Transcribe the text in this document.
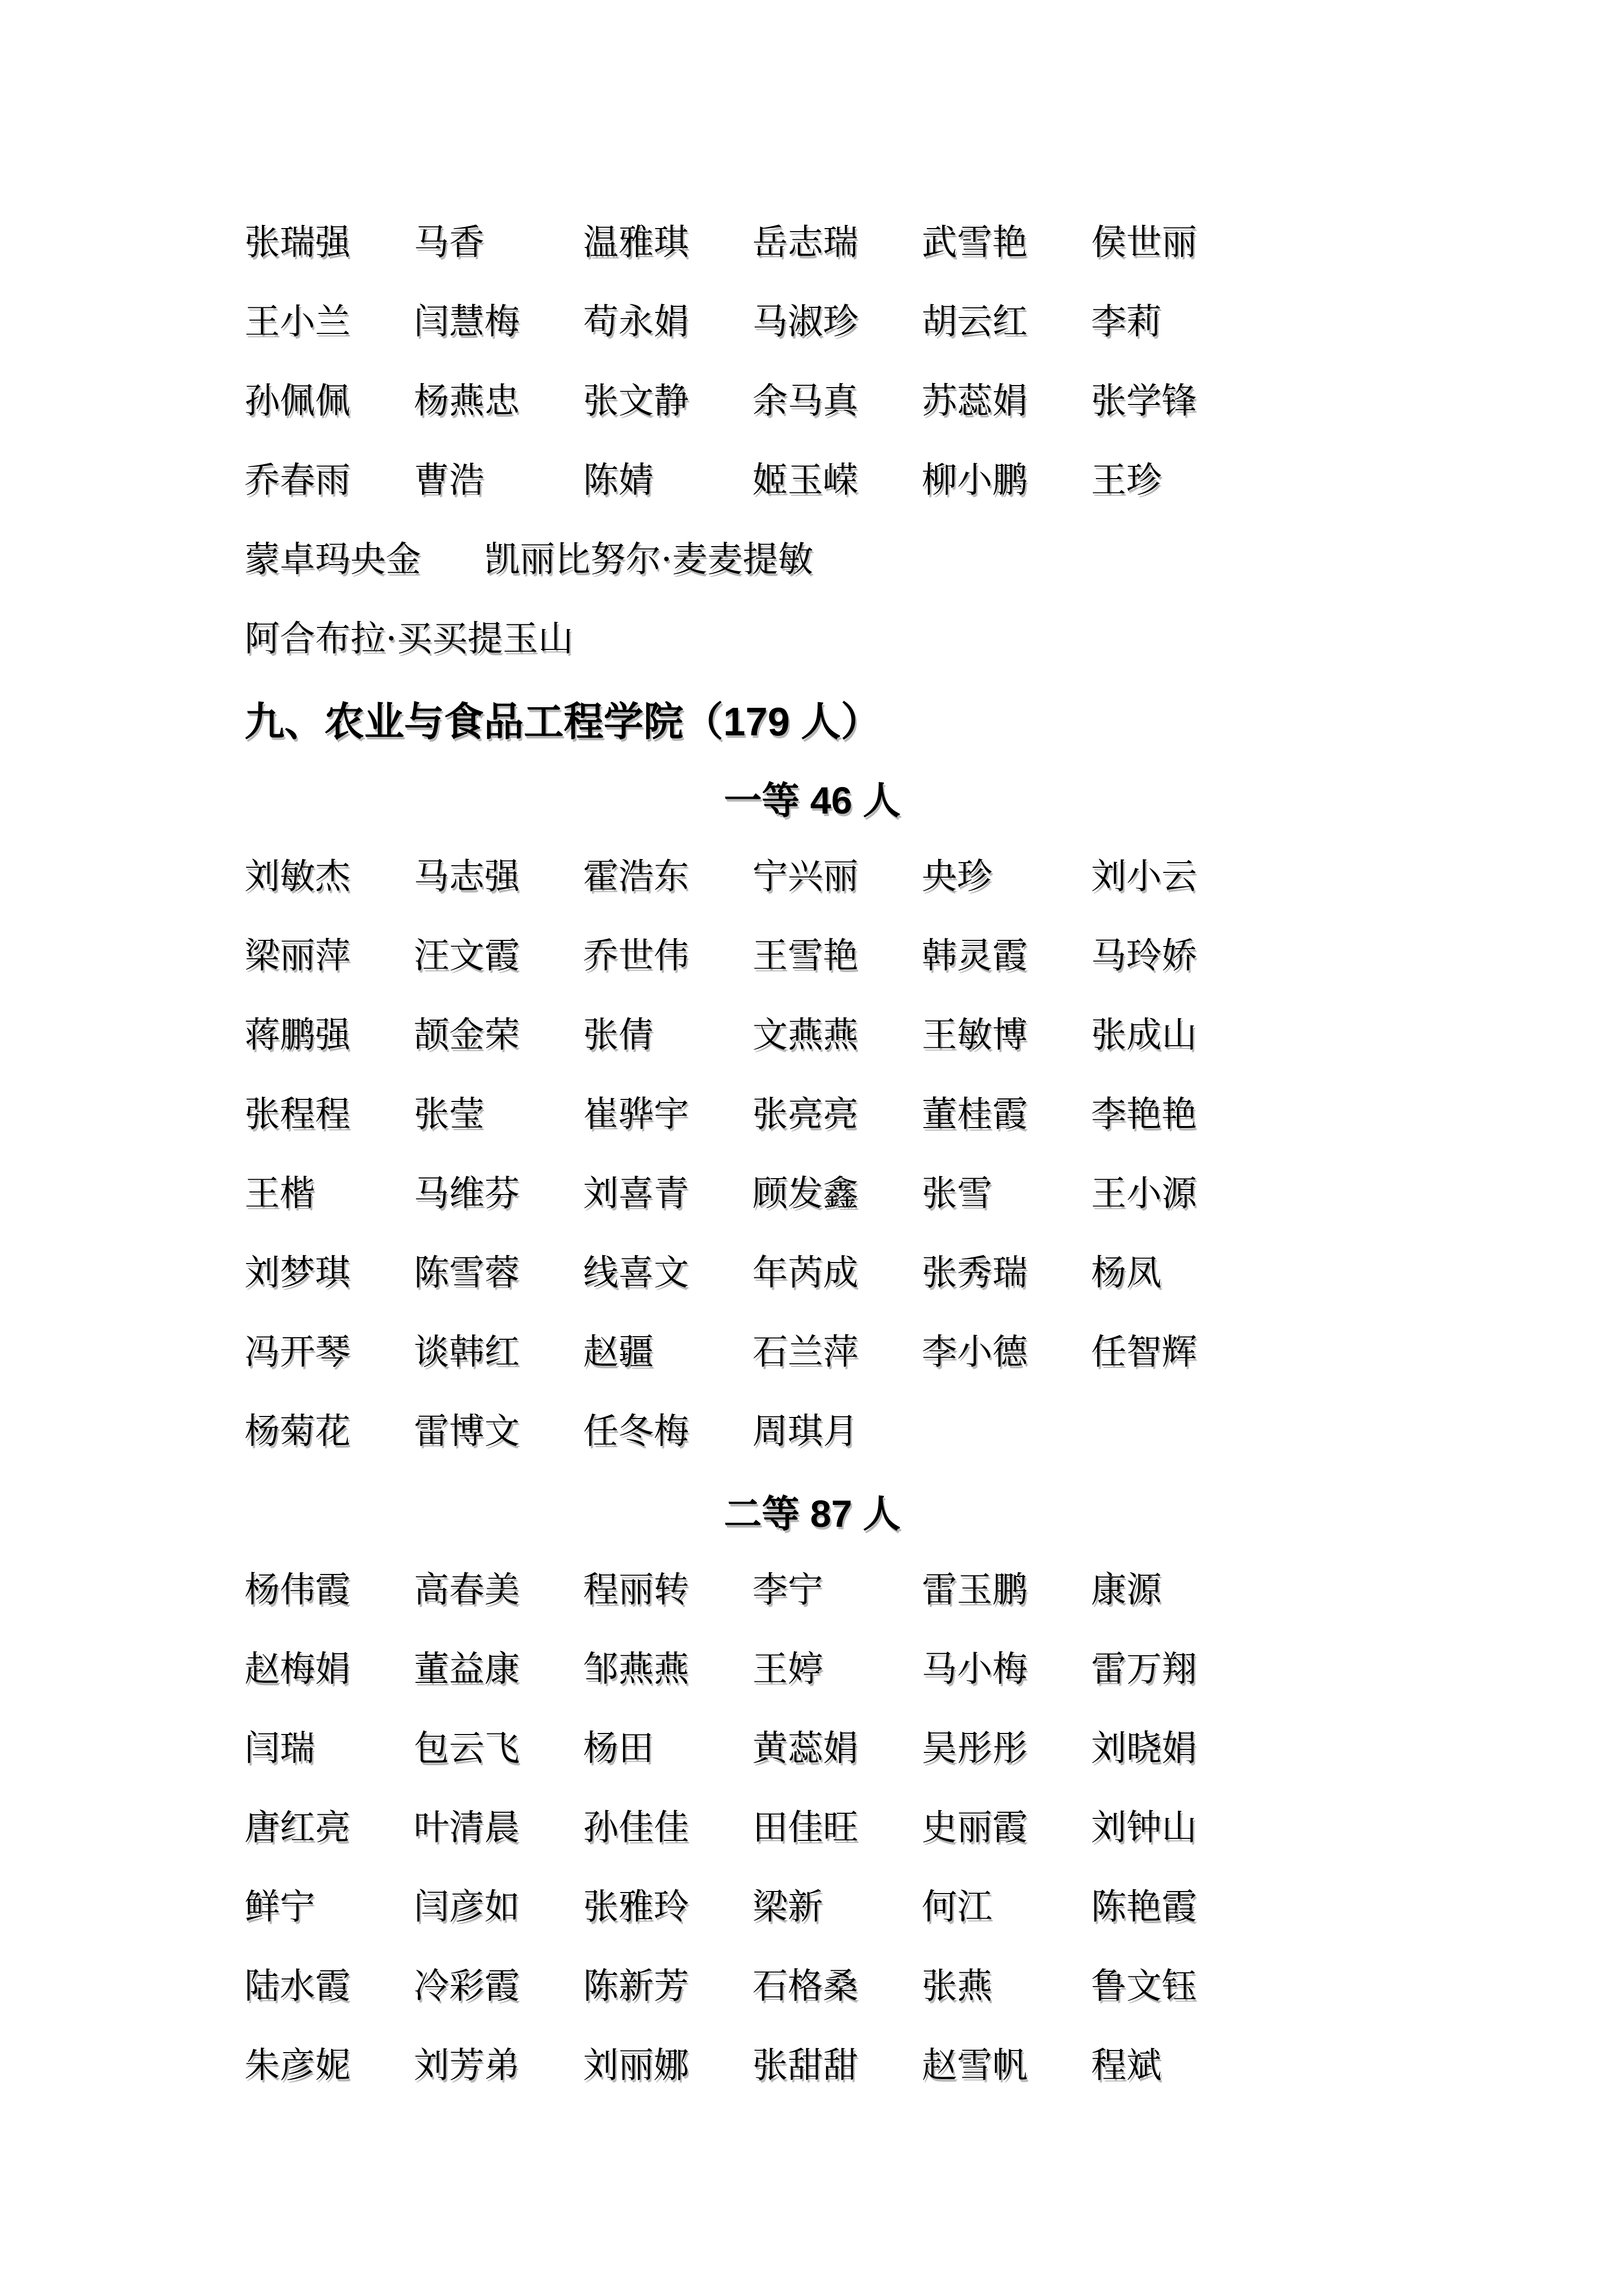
张瑞强 马香	温雅琪 岳志瑞 武雪艳 侯世丽
王小兰 闫慧梅 苟永娟 马淑珍 胡云红 李莉
孙佩佩 杨燕忠 张文静 余马真 苏蕊娟 张学锋
乔春雨 曹浩	陈婧	姬玉嵘 柳小鹏 王珍
蒙卓玛央金 凯丽比努尔·麦麦提敏
阿合布拉·买买提玉山
九、农业与食品工程学院（179 人）
一等 46 人
刘敏杰 马志强 霍浩东 宁兴丽 央珍	刘小云
梁丽萍 汪文霞 乔世伟 王雪艳 韩灵霞 马玲娇
蒋鹏强 颉金荣 张倩	文燕燕 王敏博 张成山
张程程 张莹	崔骅宇 张亮亮 董桂霞 李艳艳
王楷	马维芬 刘喜青 顾发鑫 张雪	王小源
刘梦琪 陈雪蓉 线喜文 年芮成 张秀瑞 杨凤
冯开琴 谈韩红 赵疆	石兰萍 李小德 任智辉
杨菊花 雷博文 任冬梅 周琪月
二等 87 人
杨伟霞 高春美 程丽转 李宁	雷玉鹏 康源
赵梅娟 董益康 邹燕燕 王婷	马小梅 雷万翔
闫瑞	包云飞 杨田	黄蕊娟 吴彤彤 刘晓娟
唐红亮 叶清晨 孙佳佳 田佳旺 史丽霞 刘钟山
鲜宁	闫彦如 张雅玲 梁新	何江	陈艳霞
陆水霞 冷彩霞 陈新芳 石格桑 张燕	鲁文钰
朱彦妮 刘芳弟 刘丽娜 张甜甜 赵雪帆 程斌
